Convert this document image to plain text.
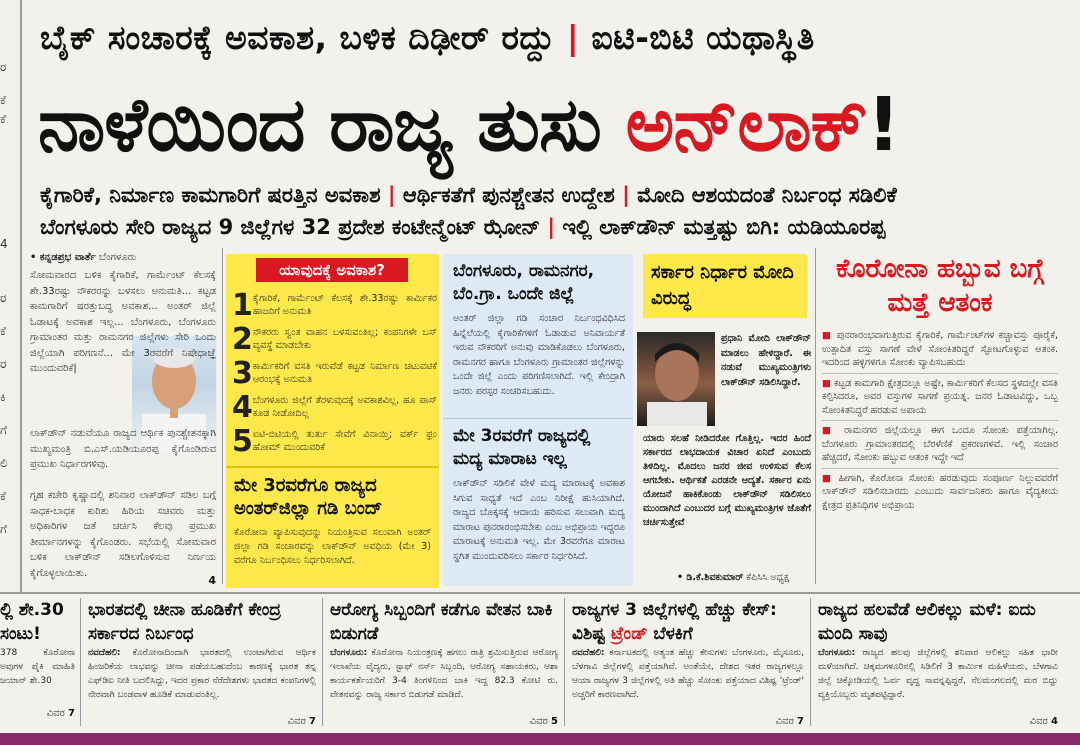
ರ
ಕೆ
ಕೆ
4
ರ
ಕೆ
ರ
ಕಿ
ಗೆ
ಲಿ
ಕೆ
ಗೆ
ಬೈಕ್ ಸಂಚಾರಕ್ಕೆ ಅವಕಾಶ, ಬಳಿಕ ದಿಢೀರ್ ರದ್ದು | ಐಟಿ-ಬಿಟಿ ಯಥಾಸ್ಥಿತಿ
ನಾಳೆಯಿಂದ ರಾಜ್ಯ ತುಸು ಅನ್‌ಲಾಕ್!
ಕೈಗಾರಿಕೆ, ನಿರ್ಮಾಣ ಕಾಮಗಾರಿಗೆ ಷರತ್ತಿನ ಅವಕಾಶ | ಆರ್ಥಿಕತೆಗೆ ಪುನಶ್ಚೇತನ ಉದ್ದೇಶ | ಮೋದಿ ಆಶಯದಂತೆ ನಿರ್ಬಂಧ ಸಡಿಲಿಕೆ
ಬೆಂಗಳೂರು ಸೇರಿ ರಾಜ್ಯದ 9 ಜಿಲ್ಲೆಗಳ 32 ಪ್ರದೇಶ ಕಂಟೇನ್ಮೆಂಟ್ ಝೋನ್ | ಇಲ್ಲಿ ಲಾಕ್‌ಡೌನ್ ಮತ್ತಷ್ಟು ಬಿಗಿ: ಯಡಿಯೂರಪ್ಪ
• ಕನ್ನಡಪ್ರಭ ವಾರ್ತೆ ಬೆಂಗಳೂರು
ಸೋಮವಾರದ ಬಳಿಕ ಕೈಗಾರಿಕೆ, ಗಾರ್ಮೆಂಟ್ ಕೆಲಸಕ್ಕೆ ಶೇ.33ರಷ್ಟು ನೌಕರರನ್ನು ಬಳಸಲು ಅನುಮತಿ... ಕಟ್ಟಡ ಕಾಮಗಾರಿಗೆ ಷರತ್ತುಬದ್ಧ ಅವಕಾಶ... ಅಂತರ್ ಜಿಲ್ಲೆ ಓಡಾಟಕ್ಕೆ ಅವಕಾಶ ಇಲ್ಲ... ಬೆಂಗಳೂರು, ಬೆಂಗಳೂರು ಗ್ರಾಮಾಂತರ ಮತ್ತು ರಾಮನಗರ ಜಿಲ್ಲೆಗಳು ಸೇರಿ ಒಂದು ಜಿಲ್ಲೆಯಾಗಿ ಪರಿಗಣನೆ... ಮೇ 3ರವರೆಗೆ ನಿಷೇಧಾಜ್ಞೆ ಮುಂದುವರಿಕೆ|
ಲಾಕ್‌ಡೌನ್ ನಡುವೆಯೂ ರಾಜ್ಯದ ಆರ್ಥಿಕ ಪುನಶ್ಚೇತನಕ್ಕಾಗಿ ಮುಖ್ಯಮಂತ್ರಿ ಬಿ.ಎಸ್.ಯಡಿಯೂರಪ್ಪ ಕೈಗೊಂಡಿರುವ ಪ್ರಮುಖ ನಿರ್ಧಾರಗಳಿವು.
ಗೃಹ ಕಚೇರಿ ಕೃಷ್ಣಾದಲ್ಲಿ ಶನಿವಾರ ಲಾಕ್‌ಡೌನ್ ಸಡಿಲ ಬಗ್ಗೆ ಸಾಧಕ-ಬಾಧಕ ಕುರಿತು ಹಿರಿಯ ಸಚಿವರು ಮತ್ತು ಅಧಿಕಾರಿಗಳ ಜತೆ ಚರ್ಚಿಸಿ ಕೆಲವು ಪ್ರಮುಖ ತೀರ್ಮಾನಗಳನ್ನು ಕೈಗೊಂಡರು. ಸಭೆಯಲ್ಲಿ ಸೋಮವಾರ ಬಳಿಕ ಲಾಕ್‌ಡೌನ್ ಸಡಿಲಗೊಳಿಸುವ ನಿರ್ಣಯ ಕೈಗೊಳ್ಳಲಾಯಿತು.
4
ಯಾವುದಕ್ಕೆ ಅವಕಾಶ?
1 ಕೈಗಾರಿಕೆ, ಗಾರ್ಮೆಂಟ್ ಕೆಲಸಕ್ಕೆ ಶೇ.33ರಷ್ಟು ಕಾರ್ಮಿಕರ ಹಾಜರಿಗೆ ಅನುಮತಿ
2 ನೌಕರರು ಸ್ವಂತ ವಾಹನ ಬಳಸುವಂತಿಲ್ಲ; ಕಂಪನಿಗಳೇ ಬಸ್ ವ್ಯವಸ್ಥೆ ಮಾಡಬೇಕು
3 ಕಾರ್ಮಿಕರಿಗೆ ವಸತಿ ಇರುವೆಡೆ ಕಟ್ಟಡ ನಿರ್ಮಾಣ ಚಟುವಟಿಕೆ ಆರಂಭಕ್ಕೆ ಅನುಮತಿ
4 ಬೆಂಗಳೂರು ಜಿಲ್ಲೆಗೆ ತೆರಳುವುದಕ್ಕೆ ಅವಕಾಶವಿಲ್ಲ, ಹೂ ಪಾಸ್ ಕೂಡ ನೀಡೋದಿಲ್ಲ
5 ಐಟಿ-ಬಿಟಿಯಲ್ಲಿ ತುರ್ತು ಸೇವೆಗೆ ವಿನಾಯ್ತಿ; ವರ್ಕ್ ಫ್ರಂ ಹೋಮ್ ಮುಂದುವರಿಕೆ
ಮೇ 3ರವರೆಗೂ ರಾಜ್ಯದ ಅಂತರ್‌ಜಿಲ್ಲಾ ಗಡಿ ಬಂದ್
ಕೊರೋನಾ ವ್ಯಾಪಿಸುವುದನ್ನು ನಿಯಂತ್ರಿಸುವ ಸಲುವಾಗಿ ಅಂತರ್ ಜಿಲ್ಲಾ ಗಡಿ ಸಂಚಾರವನ್ನು ಲಾಕ್‌ಡೌನ್ ಅವಧಿಯ (ಮೇ 3) ವರೆಗೂ ನಿರ್ಬಂಧಿಸಲು ನಿರ್ಧರಿಸಲಾಗಿದೆ.
ಬೆಂಗಳೂರು, ರಾಮನಗರ, ಬೆಂ.ಗ್ರಾ. ಒಂದೇ ಜಿಲ್ಲೆ
ಅಂತರ್ ಜಿಲ್ಲಾ ಗಡಿ ಸಂಚಾರ ನಿರ್ಬಂಧವಿಧಿಸಿದ ಹಿನ್ನೆಲೆಯಲ್ಲಿ ಕೈಗಾರಿಕೆಗಳಿಗೆ ಓಡಾಡುವ ಅನಿವಾರ್ಯತೆ ಇರುವ ನೌಕರರಿಗೆ ಅನುವು ಮಾಡಿಕೊಡಲು ಬೆಂಗಳೂರು, ರಾಮನಗರ ಹಾಗೂ ಬೆಂಗಳೂರು ಗ್ರಾಮಾಂತರ ಜಿಲ್ಲೆಗಳನ್ನು ಒಂದೇ ಜಿಲ್ಲೆ ಎಂದು ಪರಿಗಣಿಸಲಾಗಿದೆ. ಇಲ್ಲಿ ಕೇಂದ್ರಾಗಿ ಜನರು ಪರಸ್ಪರ ಸಂಚರಿಸಬಹುದು.
ಮೇ 3ರವರೆಗೆ ರಾಜ್ಯದಲ್ಲಿ ಮದ್ಯ ಮಾರಾಟ ಇಲ್ಲ
ಲಾಕ್‌ಡೌನ್ ಸಡಿಲಿಕೆ ವೇಳೆ ಮದ್ಯ ಮಾರಾಟಕ್ಕೆ ಅವಕಾಶ ಸಿಗುವ ಸಾಧ್ಯತೆ ಇದೆ ಎಂಬ ನಿರೀಕ್ಷೆ ಹುಸಿಯಾಗಿದೆ. ರಾಜ್ಯದ ಬೊಕ್ಕಸಕ್ಕೆ ಆದಾಯ ಹರಿಸುವ ಸಲುವಾಗಿ ಮದ್ಯ ಮಾರಾಟ ಪುನರಾರಂಭಿಸಬೇಕು ಎಂಬ ಅಭಿಪ್ರಾಯ ಇದ್ದರೂ ಮಾರಾಟಕ್ಕೆ ಅನುಮತಿ ಇಲ್ಲ. ಮೇ 3ರವರೆಗೂ ಮಾರಾಟ ಸ್ಥಗಿತ ಮುಂದುವರಿಸಲು ಸರ್ಕಾರ ನಿರ್ಧರಿಸಿದೆ.
ಸರ್ಕಾರ ನಿರ್ಧಾರ ಮೋದಿ ವಿರುದ್ಧ
ಪ್ರಧಾನಿ ಮೋದಿ ಲಾಕ್‌ಡೌನ್ ಮಾಡಲು ಹೇಳಿದ್ದಾರೆ. ಈ ನಡುವೆ ಮುಖ್ಯಮಂತ್ರಿಗಳು ಲಾಕ್‌ಡೌನ್ ಸಡಿಲಿಸಿದ್ದಾರೆ.
ಯಾರು ಸಲಹೆ ನೀಡಿದರೋ ಗೊತ್ತಿಲ್ಲ. ಇದರ ಹಿಂದೆ ಸರ್ಕಾರದ ಲಾಭದಾಯಕ ವಿಚಾರ ಏನಿದೆ ಎಂಬುದು ತಿಳಿದಿಲ್ಲ. ಮೊದಲು ಜನರ ಜೀವ ಉಳಿಸುವ ಕೆಲಸ ಆಗಬೇಕು. ಆರ್ಥಿಕತೆ ಎರಡನೇ ಆದ್ಯತೆ. ಸರ್ಕಾರ ಏನು ಯೋಜನೆ ಹಾಕಿಕೊಂಡು ಲಾಕ್‌ಡೌನ್ ಸಡಿಲಿಸಲು ಮುಂದಾಗಿದೆ ಎಂಬುದರ ಬಗ್ಗೆ ಮುಖ್ಯಮಂತ್ರಿಗಳ ಜೊತೆಗೆ ಚರ್ಚಿಸುತ್ತೇವೆ
• ಡಿ.ಕೆ.ಶಿವಕುಮಾರ್ ಕೆಪಿಸಿಸಿ ಅಧ್ಯಕ್ಷ
ಕೊರೋನಾ ಹಬ್ಬುವ ಬಗ್ಗೆ ಮತ್ತೆ ಆತಂಕ
■ ಪುನರಾರಂಭವಾಗುತ್ತಿರುವ ಕೈಗಾರಿಕೆ, ಗಾರ್ಮೆಂಟ್‌ಗಳ ಕಚ್ಚಾವಸ್ತು ಪೂರೈಕೆ, ಉತ್ಪಾದಿತ ವಸ್ತು ಸಾಗಣೆ ವೇಳೆ ಸೋಂಕಿತರಿದ್ದರೆ ಸ್ಫೋಟಗೊಳ್ಳುವ ಆತಂಕ. ಇದರಿಂದ ಹಳ್ಳಿಗಳಿಗೂ ಸೋಂಕು ವ್ಯಾಪಿಸಬಹುದು
■ ಕಟ್ಟಡ ಕಾಮಗಾರಿ ಕ್ಷೇತ್ರದಲ್ಲೂ ಅಷ್ಟೇ, ಕಾರ್ಮಿಕರಿಗೆ ಕೆಲಸದ ಸ್ಥಳದಲ್ಲೇ ವಸತಿ ಕಲ್ಪಿಸಿದರೂ, ಅವರ ವಸ್ತುಗಳ ಸಾಗಣೆ ಪ್ರಯತ್ನ. ಜನರ ಓಡಾಟವಿದ್ದು, ಒಬ್ಬ ಸೋಂಕಿತನಿದ್ದರೆ ಹರಡುವ ಅಪಾಯ
■ ರಾಮನಗರ ಜಿಲ್ಲೆಯಲ್ಲೂ ಈಗ ಒಂದೂ ಸೋಂಕು ಪತ್ತೆಯಾಗಿಲ್ಲ. ಬೆಂಗಳೂರು ಗ್ರಾಮಾಂತರದಲ್ಲಿ ಬೆರಳೆಣಿಕೆ ಪ್ರಕರಣಗಳಿವೆ. ಇಲ್ಲಿ ಸಂಚಾರ ಹೆಚ್ಚಿದರೆ, ಸೋಂಕು ಹಬ್ಬುವ ಆತಂಕ ಇದ್ದೇ ಇದೆ
■ ಹೀಗಾಗಿ, ಕೊರೋನಾ ಸೋಂಕು ಹರಡುವುದು ಸಂಪೂರ್ಣ ನಿಲ್ಲುವವರೆಗೆ ಲಾಕ್‌ಡೌನ್ ಸಡಿಲಿಸಬಾರದು ಎಂಬುದು ಸಾರ್ವಜನಿಕರು ಹಾಗೂ ವೈದ್ಯಕೀಯ ಕ್ಷೇತ್ರದ ಪ್ರತಿನಿಧಿಗಳ ಅಭಿಪ್ರಾಯ
ಲ್ಲಿ ಶೇ.30 ಸಂಟು!
378 ಕೊರೋನಾ ಅವುಗಳ ಪೈಕಿ ಮಾಹಿತಿ ಜಯಾನ್ ಶೇ.30
ವಿವರ 7
ಭಾರತದಲ್ಲಿ ಚೀನಾ ಹೂಡಿಕೆಗೆ ಕೇಂದ್ರ ಸರ್ಕಾರದ ನಿರ್ಬಂಧ
ನವದೆಹಲಿ: ಕೊರೋನಾದಿಂದಾಗಿ ಭಾರತದಲ್ಲಿ ಉಂಟಾಗಿರುವ ಆರ್ಥಿಕ ಹಿಂಜರಿಕೆಯ ಲಾಭವನ್ನು ಚೀನಾ ಪಡೆಯಬಹುದೆಂಬ ಕಾರಣಕ್ಕೆ ಭಾರತ ತನ್ನ ಎಫ್‌ಡಿಐ ನೀತಿ ಬದಲಿಸಿದ್ದು, ಇದರ ಪ್ರಕಾರ ನೆರೆದೇಶಗಳು ಭಾರತದ ಕಂಪನಿಗಳಲ್ಲಿ ನೇರವಾಗಿ ಬಂಡವಾಳ ಹೂಡಿಕೆ ಮಾಡುವಂತಿಲ್ಲ.
ವಿವರ 7
ಆರೋಗ್ಯ ಸಿಬ್ಬಂದಿಗೆ ಕಡೆಗೂ ವೇತನ ಬಾಕಿ ಬಿಡುಗಡೆ
ಬೆಂಗಳೂರು: ಕೊರೋನಾ ನಿಯಂತ್ರಣಕ್ಕೆ ಹಗಲು ರಾತ್ರಿ ಶ್ರಮಿಸುತ್ತಿರುವ ಆರೋಗ್ಯ ಇಲಾಖೆಯ ವೈದ್ಯರು, ಸ್ಟಾಫ್ ನರ್ಸ್ ಸಿಬ್ಬಂದಿ, ಆರೋಗ್ಯ ಸಹಾಯಕರು, ಆಶಾ ಕಾರ್ಯಕರ್ತೆಯರಿಗೆ 3-4 ತಿಂಗಳಿನಿಂದ ಬಾಕಿ ಇದ್ದ 82.3 ಕೋಟಿ ರು. ವೇತನವನ್ನು ರಾಜ್ಯ ಸರ್ಕಾರ ಬಿಡುಗಡೆ ಮಾಡಿದೆ.
ವಿವರ 5
ರಾಜ್ಯಗಳ 3 ಜಿಲ್ಲೆಗಳಲ್ಲಿ ಹೆಚ್ಚು ಕೇಸ್: ವಿಶಿಷ್ಟ ಟ್ರೆಂಡ್ ಬೆಳಕಿಗೆ
ನವದೆಹಲಿ: ಕರ್ನಾಟಕದಲ್ಲಿ ಅತ್ಯಂತ ಹೆಚ್ಚು ಕೇಸುಗಳು ಬೆಂಗಳೂರು, ಮೈಸೂರು, ಬೆಳಗಾವಿ ಜಿಲ್ಲೆಗಳಲ್ಲಿ ಪತ್ತೆಯಾಗಿವೆ. ಅಂತೆಯೇ, ದೇಶದ ಇತರ ರಾಜ್ಯಗಳಲ್ಲೂ ಆಯಾ ರಾಜ್ಯಗಳ 3 ಜಿಲ್ಲೆಗಳಲ್ಲಿ ಅತಿ ಹೆಚ್ಚು ಸೋಂಕು ಪತ್ತೆಯಾದ ವಿಶಿಷ್ಟ 'ಟ್ರೆಂಡ್' ಅಚ್ಚರಿಗೆ ಕಾರಣವಾಗಿದೆ.
ವಿವರ 7
ರಾಜ್ಯದ ಹಲವೆಡೆ ಆಲಿಕಲ್ಲು ಮಳೆ: ಐದು ಮಂದಿ ಸಾವು
ಬೆಂಗಳೂರು: ರಾಜ್ಯದ ಹಲವು ಜಿಲ್ಲೆಗಳಲ್ಲಿ ಶನಿವಾರ ಆಲಿಕಲ್ಲು ಸಹಿತ ಭಾರೀ ಮಳೆಯಾಗಿದೆ. ಚಿಕ್ಕಮಗಳೂರಿನಲ್ಲಿ ಸಿಡಿಲಿಗೆ 3 ಕಾರ್ಮಿಕ ಮಹಿಳೆಯರು, ಬೆಳಗಾವಿ ಜಿಲ್ಲೆ ಚಿಕ್ಕೋಡಿಯಲ್ಲಿ ಓರ್ವ ವೃದ್ಧ ಸಾವನ್ನಪ್ಪಿದ್ದರೆ, ನೆಲಮಂಗಲದಲ್ಲಿ ಮರ ಬಿದ್ದು ವ್ಯಕ್ತಿಯೊಬ್ಬರು ಮೃತಪಟ್ಟಿದ್ದಾರೆ.
ವಿವರ 4
